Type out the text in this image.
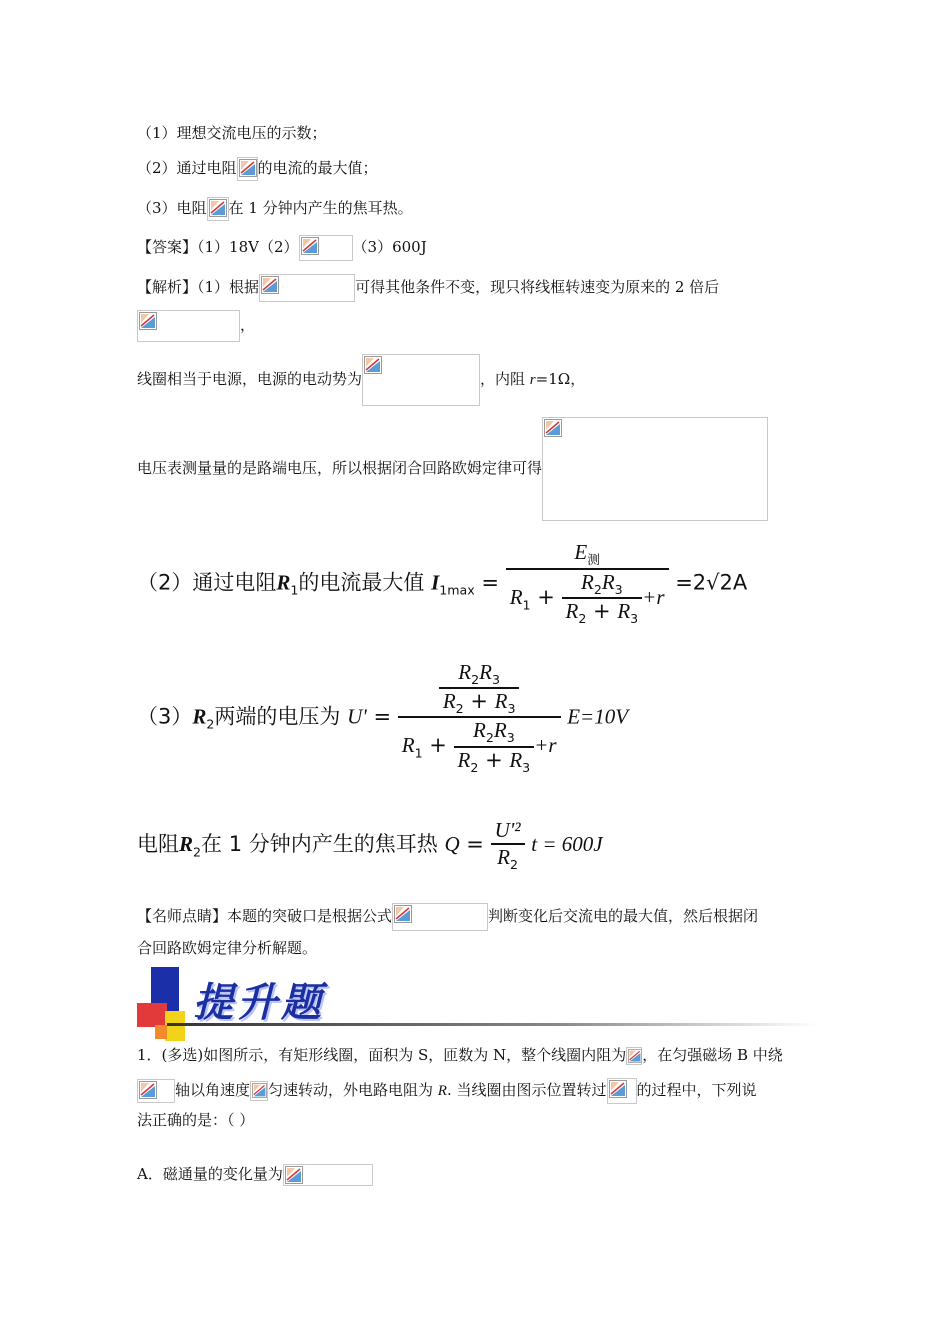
（1）理想交流电压的示数；
（2）通过电阻 的电流的最大值；
（3）电阻 在 1 分钟内产生的焦耳热。
【答案】（1）18V（2）	（3）600J
【解析】（1）根据	可得其他条件不变，现只将线框转速变为原来的 2 倍后
，
线圈相当于电源，电源的电动势为	，内阻 r=1Ω，
电压表测量量的是路端电压，所以根据闭合回路欧姆定律可得
（2）通过电阻$R_1$的电流最大值 $I_{1max} = \frac{E_测}{R_1 + \frac{R_2R_3}{R_2 + R_3} +r} =2√2A$
$(3)R_2$两端的电压为 $U' = \frac{\frac{R_2R_3}{R_2 + R_3}}{R_1 + \frac{R_2R_3}{R_2 + R_3} +r} E=10V$
电阻$R_2$在 1 分钟内产生的焦耳热 $Q = \frac{\text{U'²}}{R_2}$ t = 600J
【名师点睛】本题的突破口是根据公式	判断变化后交流电的最大值，然后根据闭
合回路欧姆定律分析解题。
提升题
1．(多选)如图所示，有矩形线圈，面积为 S，匝数为 N，整个线圈内阻为 ，在匀强磁场 B 中绕
轴以角速度 匀速转动，外电路电阻为 R. 当线圈由图示位置转过 的过程中，下列说
法正确的是：（ ）
A．磁通量的变化量为
